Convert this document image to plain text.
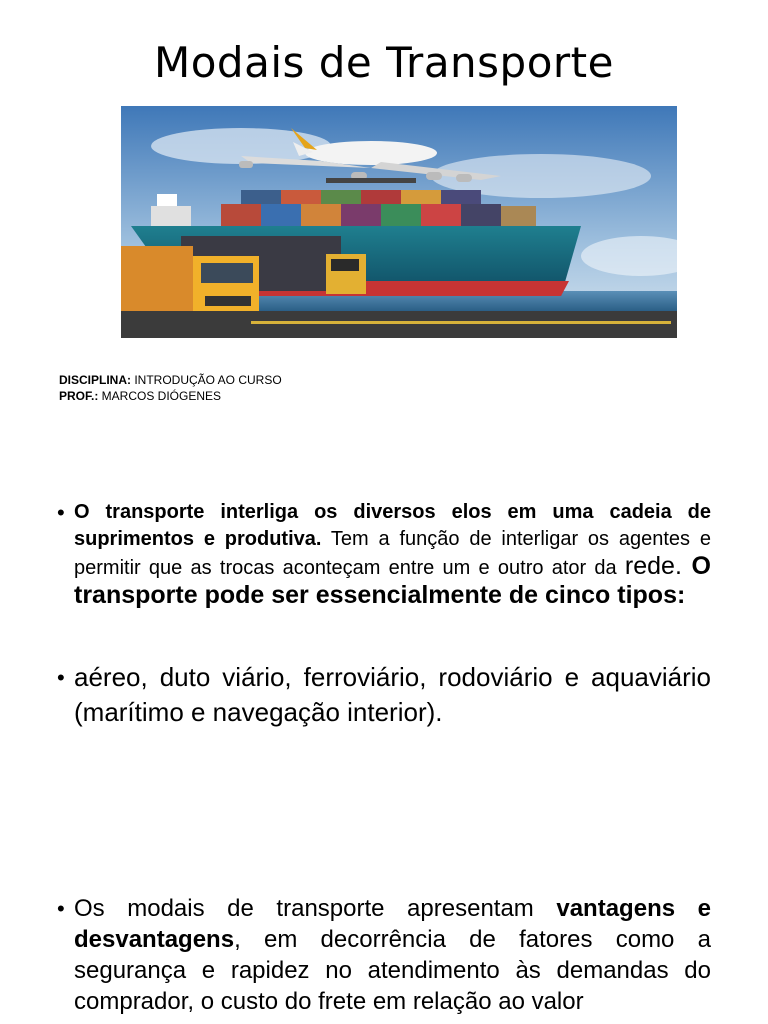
Modais de Transporte
DISCIPLINA: INTRODUÇÃO AO CURSO
PROF.: MARCOS DIÓGENES
• O transporte interliga os diversos elos em uma cadeia de suprimentos e produtiva. Tem a função de interligar os agentes e permitir que as trocas aconteçam entre um e outro ator da rede. O transporte pode ser essencialmente de cinco tipos:
• aéreo, duto viário, ferroviário, rodoviário e aquaviário (marítimo e navegação interior).
• Os modais de transporte apresentam vantagens e desvantagens, em decorrência de fatores como a segurança e rapidez no atendimento às demandas do comprador, o custo do frete em relação ao valor
